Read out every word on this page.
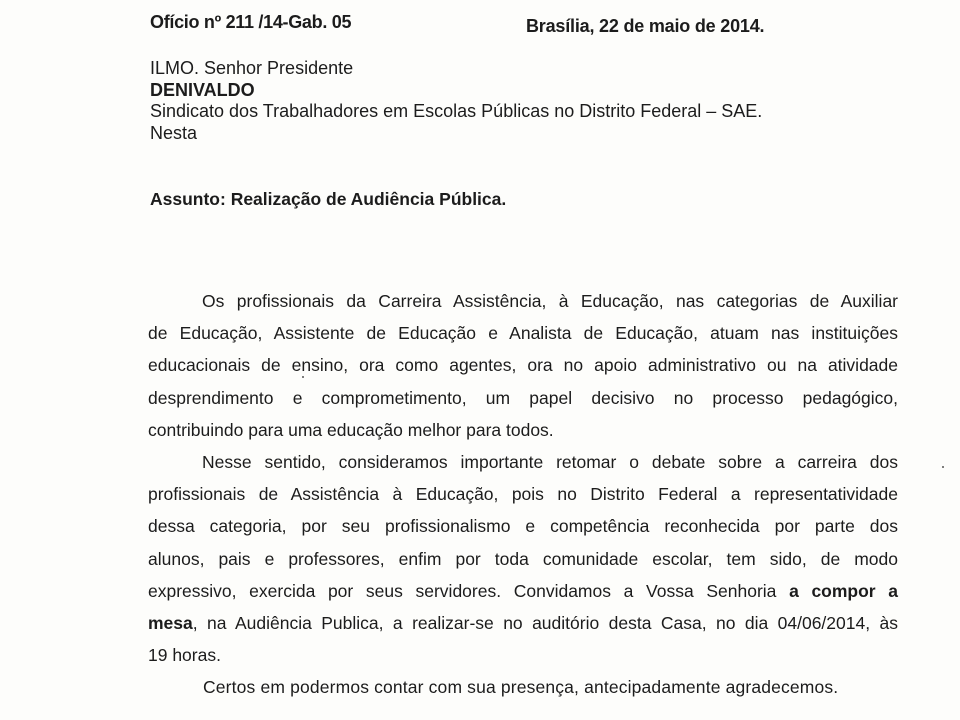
Ofício nº 211 /14-Gab. 05	Brasília, 22 de maio de 2014.
ILMO. Senhor Presidente
DENIVALDO
Sindicato dos Trabalhadores em Escolas Públicas no Distrito Federal – SAE.
Nesta
Assunto: Realização de Audiência Pública.
Os profissionais da Carreira Assistência, à Educação, nas categorias de Auxiliar
de Educação, Assistente de Educação e Analista de Educação, atuam nas instituições
educacionais de ensino, ora como agentes, ora no apoio administrativo ou na atividade
desprendimento e comprometimento, um papel decisivo no processo pedagógico,
contribuindo para uma educação melhor para todos.
Nesse sentido, consideramos importante retomar o debate sobre a carreira dos
profissionais de Assistência à Educação, pois no Distrito Federal a representatividade
dessa categoria, por seu profissionalismo e competência reconhecida por parte dos
alunos, pais e professores, enfim por toda comunidade escolar, tem sido, de modo
expressivo, exercida por seus servidores. Convidamos a Vossa Senhoria a compor a
mesa, na Audiência Publica, a realizar-se no auditório desta Casa, no dia 04/06/2014, às
19 horas.
Certos em podermos contar com sua presença, antecipadamente agradecemos.
